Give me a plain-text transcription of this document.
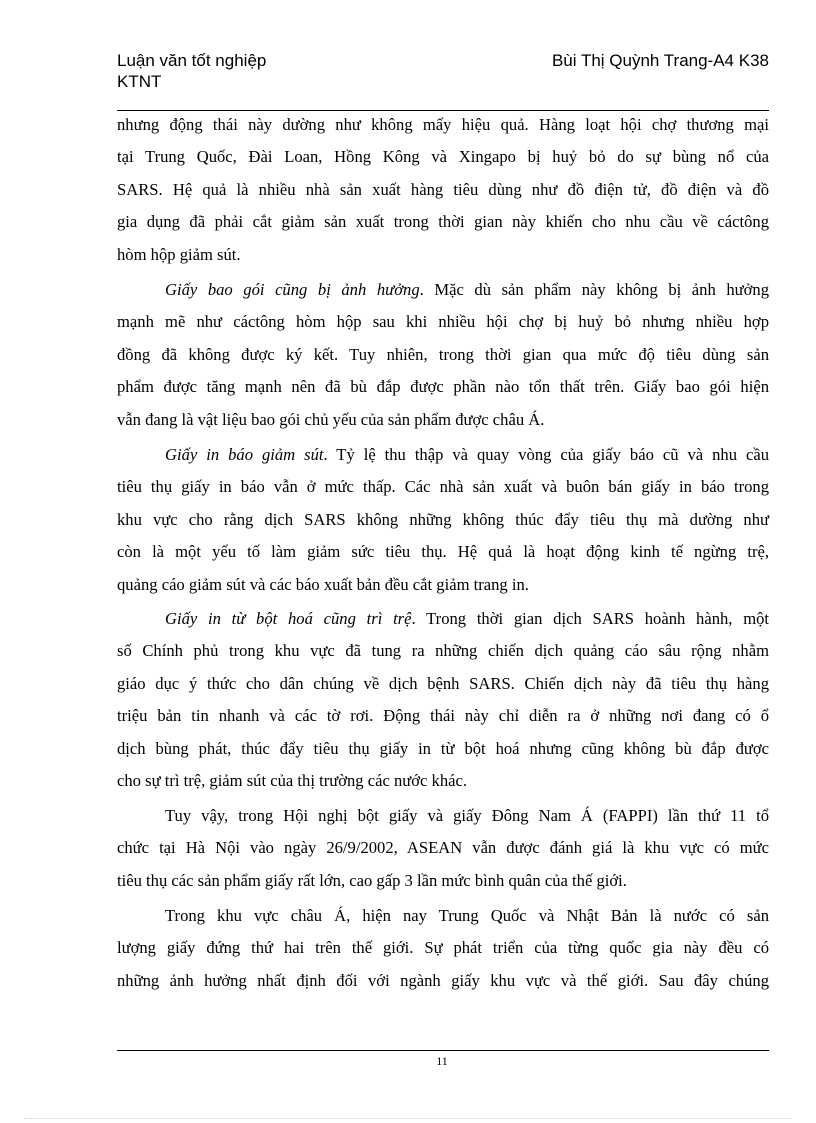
Luận văn tốt nghiệp
KTNT
Bùi Thị Quỳnh Trang-A4 K38
nhưng động thái này dường như không mấy hiệu quả. Hàng loạt hội chợ thương mại
tại Trung Quốc, Đài Loan, Hồng Kông và Xingapo bị huỷ bỏ do sự bùng nổ của
SARS. Hệ quả là nhiều nhà sản xuất hàng tiêu dùng như đồ điện tử, đồ điện và đồ
gia dụng đã phải cắt giảm sản xuất trong thời gian này khiến cho nhu cầu về cáctông
hòm hộp giảm sút.
Giấy bao gói cũng bị ảnh hưởng. Mặc dù sản phẩm này không bị ảnh hưởng
mạnh mẽ như cáctông hòm hộp sau khi nhiều hội chợ bị huỷ bỏ nhưng nhiều hợp
đồng đã không được ký kết. Tuy nhiên, trong thời gian qua mức độ tiêu dùng sản
phẩm được tăng mạnh nên đã bù đắp được phần nào tổn thất trên. Giấy bao gói hiện
vẫn đang là vật liệu bao gói chủ yếu của sản phẩm được châu Á.
Giấy in báo giảm sút. Tỷ lệ thu thập và quay vòng của giấy báo cũ và nhu cầu
tiêu thụ giấy in báo vẫn ở mức thấp. Các nhà sản xuất và buôn bán giấy in báo trong
khu vực cho rằng dịch SARS không những không thúc đẩy tiêu thụ mà dường như
còn là một yếu tố làm giảm sức tiêu thụ. Hệ quả là hoạt động kinh tế ngừng trệ,
quảng cáo giảm sút và các báo xuất bản đều cắt giảm trang in.
Giấy in từ bột hoá cũng trì trệ. Trong thời gian dịch SARS hoành hành, một
số Chính phủ trong khu vực đã tung ra những chiến dịch quảng cáo sâu rộng nhằm
giáo dục ý thức cho dân chúng về dịch bệnh SARS. Chiến dịch này đã tiêu thụ hàng
triệu bản tin nhanh và các tờ rơi. Động thái này chỉ diễn ra ở những nơi đang có ổ
dịch bùng phát, thúc đẩy tiêu thụ giấy in từ bột hoá nhưng cũng không bù đắp được
cho sự trì trệ, giảm sút của thị trường các nước khác.
Tuy vậy, trong Hội nghị bột giấy và giấy Đông Nam Á (FAPPI) lần thứ 11 tổ
chức tại Hà Nội vào ngày 26/9/2002, ASEAN vẫn được đánh giá là khu vực có mức
tiêu thụ các sản phẩm giấy rất lớn, cao gấp 3 lần mức bình quân của thế giới.
Trong khu vực châu Á, hiện nay Trung Quốc và Nhật Bản là nước có sản
lượng giấy đứng thứ hai trên thế giới. Sự phát triển của từng quốc gia này đều có
những ảnh hưởng nhất định đối với ngành giấy khu vực và thế giới. Sau đây chúng
11
